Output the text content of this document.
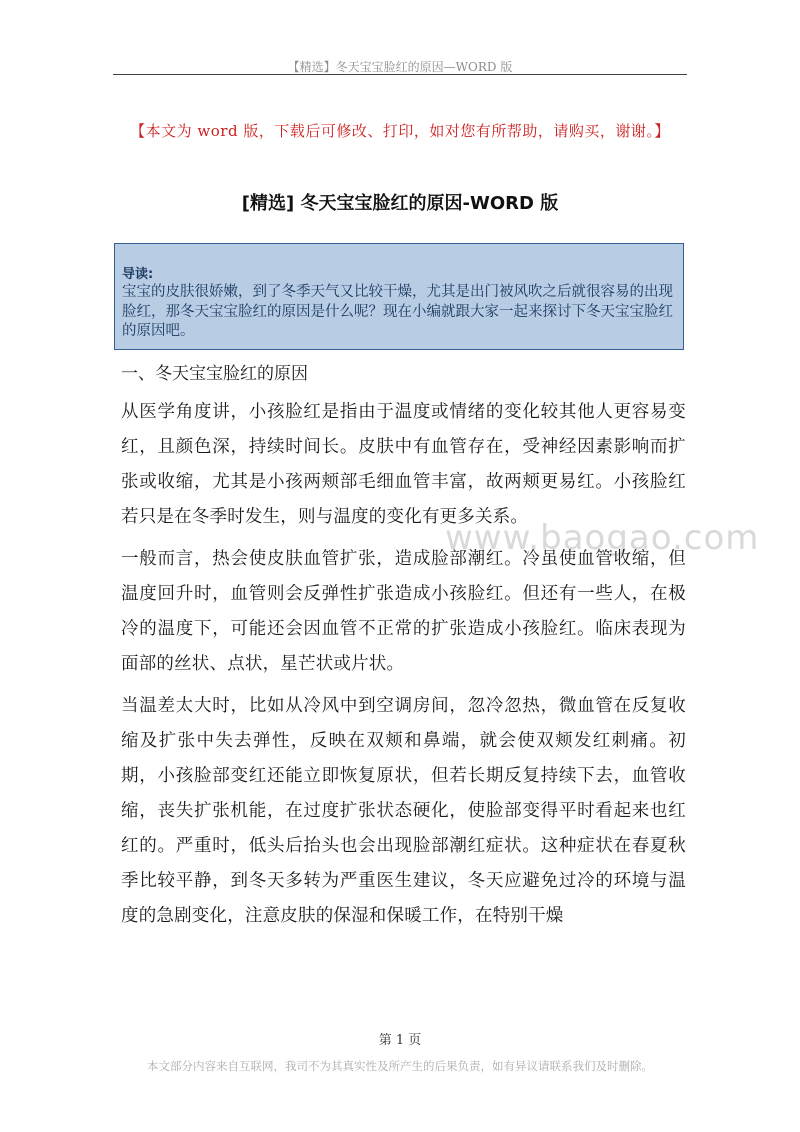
【精选】冬天宝宝脸红的原因—WORD 版
【本文为 word 版，下载后可修改、打印，如对您有所帮助，请购买，谢谢。】
[精选] 冬天宝宝脸红的原因-WORD 版
导读:
宝宝的皮肤很娇嫩，到了冬季天气又比较干燥，尤其是出门被风吹之后就很容易的出现脸红，那冬天宝宝脸红的原因是什么呢？现在小编就跟大家一起来探讨下冬天宝宝脸红的原因吧。
www.baogao.com

一、冬天宝宝脸红的原因

从医学角度讲，小孩脸红是指由于温度或情绪的变化较其他人更容易变红，且颜色深，持续时间长。皮肤中有血管存在，受神经因素影响而扩张或收缩，尤其是小孩两颊部毛细血管丰富，故两颊更易红。小孩脸红若只是在冬季时发生，则与温度的变化有更多关系。

一般而言，热会使皮肤血管扩张，造成脸部潮红。冷虽使血管收缩，但温度回升时，血管则会反弹性扩张造成小孩脸红。但还有一些人，在极冷的温度下，可能还会因血管不正常的扩张造成小孩脸红。临床表现为面部的丝状、点状，星芒状或片状。

当温差太大时，比如从冷风中到空调房间，忽冷忽热，微血管在反复收缩及扩张中失去弹性，反映在双颊和鼻端，就会使双颊发红刺痛。初期，小孩脸部变红还能立即恢复原状，但若长期反复持续下去，血管收缩，丧失扩张机能，在过度扩张状态硬化，使脸部变得平时看起来也红红的。严重时，低头后抬头也会出现脸部潮红症状。这种症状在春夏秋季比较平静，到冬天多转为严重医生建议，冬天应避免过冷的环境与温度的急剧变化，注意皮肤的保湿和保暖工作，在特别干燥

第 1 页
本文部分内容来自互联网，我司不为其真实性及所产生的后果负责，如有异议请联系我们及时删除。
